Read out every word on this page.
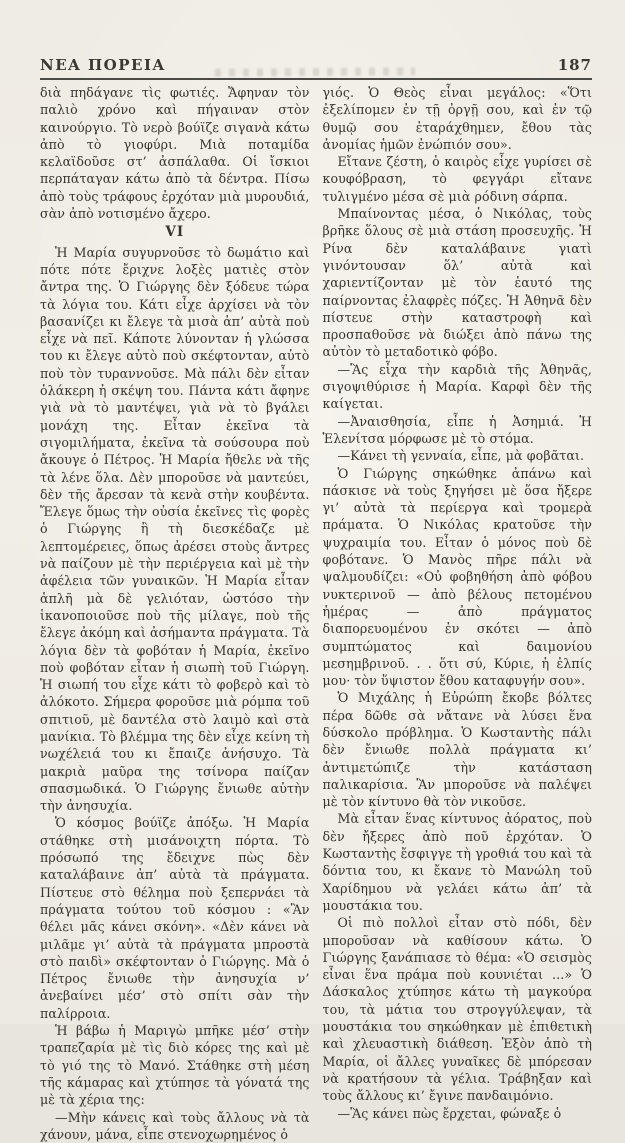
ΝΕΑ ΠΟΡΕΙΑ	187

διὰ πηδάγανε τὶς φωτιές. Ἄφηναν τὸν παλιὸ χρόνο καὶ πήγαιναν στὸν καινούργιο. Τὸ νερὸ βούϊζε σιγανὰ κάτω ἀπὸ τὸ γιοφύρι. Μιὰ ποταμίδα κελαϊδοῦσε στ’ ἀσπάλαθα. Οἱ ἴσκιοι περπάταγαν κάτω ἀπὸ τὰ δέντρα. Πίσω ἀπὸ τοὺς τράφους ἐρχόταν μιὰ μυρουδιά, σὰν ἀπὸ νοτισμένο ἄχερο.

VI

Ἡ Μαρία συγυρνοῦσε τὸ δωμάτιο καὶ πότε πότε ἔριχνε λοξὲς ματιὲς στὸν ἄντρα της. Ὁ Γιώργης δὲν ξόδευε τώρα τὰ λόγια του. Κάτι εἶχε ἀρχίσει νὰ τὸν βασανίζει κι ἔλεγε τὰ μισὰ ἀπ’ αὐτὰ ποὺ εἶχε νὰ πεῖ. Κάποτε λύνονταν ἡ γλώσσα του κι ἔλεγε αὐτὸ ποὺ σκέφτονταν, αὐτὸ ποὺ τὸν τυραννοῦσε. Μὰ πάλι δὲν εἶταν ὁλάκερη ἡ σκέψη του. Πάντα κάτι ἄφηνε γιὰ νὰ τὸ μαντέψει, γιὰ νὰ τὸ βγάλει μονάχη της. Εἶταν ἐκεῖνα τὰ σιγομιλήματα, ἐκεῖνα τὰ σούσουρα ποὺ ἄκουγε ὁ Πέτρος. Ἡ Μαρία ἤθελε νὰ τῆς τὰ λένε ὅλα. Δὲν μποροῦσε νὰ μαντεύει, δὲν τῆς ἄρεσαν τὰ κενὰ στὴν κουβέντα. Ἔλεγε ὅμως τὴν οὐσία ἐκεῖνες τὶς φορὲς ὁ Γιώργης ἢ τὴ διεσκέδαζε μὲ λεπτομέρειες, ὅπως ἀρέσει στοὺς ἄντρες νὰ παίζουν μὲ τὴν περιέργεια καὶ μὲ τὴν ἀφέλεια τῶν γυναικῶν. Ἡ Μαρία εἶταν ἁπλῆ μὰ δὲ γελιόταν, ὡστόσο τὴν ἱκανοποιοῦσε ποὺ τῆς μίλαγε, ποὺ τῆς ἔλεγε ἀκόμη καὶ ἀσήμαντα πράγματα. Τὰ λόγια δὲν τὰ φοβόταν ἡ Μαρία, ἐκεῖνο ποὺ φοβόταν εἶταν ἡ σιωπὴ τοῦ Γιώργη. Ἡ σιωπή του εἶχε κάτι τὸ φοβερὸ καὶ τὸ ἀλόκοτο. Σήμερα φοροῦσε μιὰ ρόμπα τοῦ σπιτιοῦ, μὲ δαντέλα στὸ λαιμὸ καὶ στὰ μανίκια. Τὸ βλέμμα της δὲν εἶχε κείνη τὴ νωχέλειά του κι ἔπαιζε ἀνήσυχο. Τὰ μακριὰ μαῦρα της τσίνορα παίζαν σπασμωδικά. Ὁ Γιώργης ἔνιωθε αὐτὴν τὴν ἀνησυχία.

Ὁ κόσμος βούϊζε ἀπόξω. Ἡ Μαρία στάθηκε στὴ μισάνοιχτη πόρτα. Τὸ πρόσωπό της ἔδειχνε πὼς δὲν καταλάβαινε ἀπ’ αὐτὰ τὰ πράγματα. Πίστευε στὸ θέλημα ποὺ ξεπερνάει τὰ πράγματα τούτου τοῦ κόσμου : «Ἂν θέλει μᾶς κάνει σκόνη». «Δὲν κάνει νὰ μιλᾶμε γι’ αὐτὰ τὰ πράγματα μπροστὰ στὸ παιδὶ» σκέφτονταν ὁ Γιώργης. Μὰ ὁ Πέτρος ἔνιωθε τὴν ἀνησυχία ν’ ἀνεβαίνει μέσ’ στὸ σπίτι σὰν τὴν παλίρροια.

Ἡ βάβω ἡ Μαριγὼ μπῆκε μέσ’ στὴν τραπεζαρία μὲ τὶς διὸ κόρες της καὶ μὲ τὸ γιό της τὸ Μανό. Στάθηκε στὴ μέση τῆς κάμαρας καὶ χτύπησε τὰ γόνατά της μὲ τὰ χέρια της:

—Μὴν κάνεις καὶ τοὺς ἄλλους νὰ τὰ χάνουν, μάνα, εἶπε στενοχωρημένος ὁ

γιός. Ὁ Θεὸς εἶναι μεγάλος: «Ὅτι ἐξελίπομεν ἐν τῇ ὀργῇ σου, καὶ ἐν τῷ θυμῷ σου ἐταράχθημεν, ἔθου τὰς ἀνομίας ἡμῶν ἐνώπιόν σου».

Εἴτανε ζέστη, ὁ καιρὸς εἶχε γυρίσει σὲ κουφόβραση, τὸ φεγγάρι εἴτανε τυλιγμένο μέσα σὲ μιὰ ρόδινη σάρπα.

Μπαίνοντας μέσα, ὁ Νικόλας, τοὺς βρῆκε ὅλους σὲ μιὰ στάση προσευχῆς. Ἡ Ρίνα δὲν καταλάβαινε γιατὶ γινόντουσαν ὅλ’ αὐτὰ καὶ χαριεντίζονταν μὲ τὸν ἑαυτό της παίρνοντας ἐλαφρὲς πόζες. Ἡ Ἀθηνᾶ δὲν πίστευε στὴν καταστροφὴ καὶ προσπαθοῦσε νὰ διώξει ἀπὸ πάνω της αὐτὸν τὸ μεταδοτικὸ φόβο.

—Ἂς εἶχα τὴν καρδιὰ τῆς Ἀθηνᾶς, σιγοψιθύρισε ἡ Μαρία. Καρφὶ δὲν τῆς καίγεται.

—Ἀναισθησία, εἶπε ἡ Ἀσημιά. Ἡ Ἑλενίτσα μόρφωσε μὲ τὸ στόμα.

—Κάνει τὴ γενναία, εἶπε, μὰ φοβᾶται.

Ὁ Γιώργης σηκώθηκε ἀπάνω καὶ πάσκισε νὰ τοὺς ξηγήσει μὲ ὅσα ἤξερε γι’ αὐτὰ τὰ περίεργα καὶ τρομερὰ πράματα. Ὁ Νικόλας κρατοῦσε τὴν ψυχραιμία του. Εἶταν ὁ μόνος ποὺ δὲ φοβότανε. Ὁ Μανὸς πῆρε πάλι νὰ ψαλμουδίζει: «Οὐ φοβηθήση ἀπὸ φόβου νυκτερινοῦ — ἀπὸ βέλους πετομένου ἡμέρας — ἀπὸ πράγματος διαπορευομένου ἐν σκότει — ἀπὸ συμπτώματος καὶ δαιμονίου μεσημβρινοῦ. . . ὅτι σύ, Κύριε, ἡ ἐλπίς μου· τὸν ὕψιστον ἔθου καταφυγήν σου».

Ὁ Μιχάλης ἡ Εὐρώπη ἔκοβε βόλτες πέρα δῶθε σὰ νἄτανε νὰ λύσει ἕνα δύσκολο πρόβλημα. Ὁ Κωσταντὴς πάλι δὲν ἔνιωθε πολλὰ πράγματα κι’ ἀντιμετώπιζε τὴν κατάσταση παλικαρίσια. Ἂν μποροῦσε νὰ παλέψει μὲ τὸν κίντυνο θὰ τὸν νικοῦσε.

Μὰ εἶταν ἕνας κίντυνος ἀόρατος, ποὺ δὲν ἤξερες ἀπὸ ποῦ ἐρχόταν. Ὁ Κωσταντὴς ἔσφιγγε τὴ γροθιά του καὶ τὰ δόντια του, κι ἔκανε τὸ Μανώλη τοῦ Χαρίδημου νὰ γελάει κάτω ἀπ’ τὰ μουστάκια του.

Οἱ πιὸ πολλοὶ εἶταν στὸ πόδι, δὲν μποροῦσαν νὰ καθίσουν κάτω. Ὁ Γιώργης ξανάπιασε τὸ θέμα: «Ὁ σεισμὸς εἶναι ἕνα πράμα ποὺ κουνιέται ...» Ὁ Δάσκαλος χτύπησε κάτω τὴ μαγκούρα του, τὰ μάτια του στρογγύλεψαν, τὰ μουστάκια του σηκώθηκαν μὲ ἐπιθετικὴ καὶ χλευαστικὴ διάθεση. Ἐξὸν ἀπὸ τὴ Μαρία, οἱ ἄλλες γυναῖκες δὲ μπόρεσαν νὰ κρατήσουν τὰ γέλια. Τράβηξαν καὶ τοὺς ἄλλους κι’ ἔγινε πανδαιμόνιο.

—Ἂς κάνει πὼς ἔρχεται, φώναξε ὁ
